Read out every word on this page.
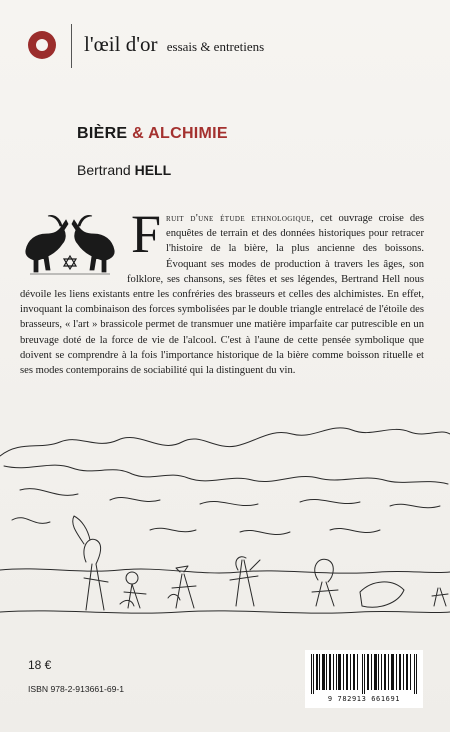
l'œil d'or essais & entretiens
BIÈRE & ALCHIMIE
Bertrand HELL

F ruit d'une étude ethnologique, cet ouvrage croise des enquêtes de terrain et des données historiques pour retracer l'histoire de la bière, la plus ancienne des boissons. Évoquant ses modes de production à travers les âges, son folklore, ses chansons, ses fêtes et ses légendes, Bertrand Hell nous dévoile les liens existants entre les confréries des brasseurs et celles des alchimistes. En effet, invoquant la combinaison des forces symbolisées par le double triangle entrelacé de l'étoile des brasseurs, « l'art » brassicole permet de transmuer une matière imparfaite car putrescible en un breuvage doté de la force de vie de l'alcool. C'est à l'aune de cette pensée symbolique que doivent se comprendre à la fois l'importance historique de la bière comme boisson rituelle et ses modes contemporains de sociabilité qui la distinguent du vin.

18 €
ISBN 978-2-913661-69-1
9 782913 661691
